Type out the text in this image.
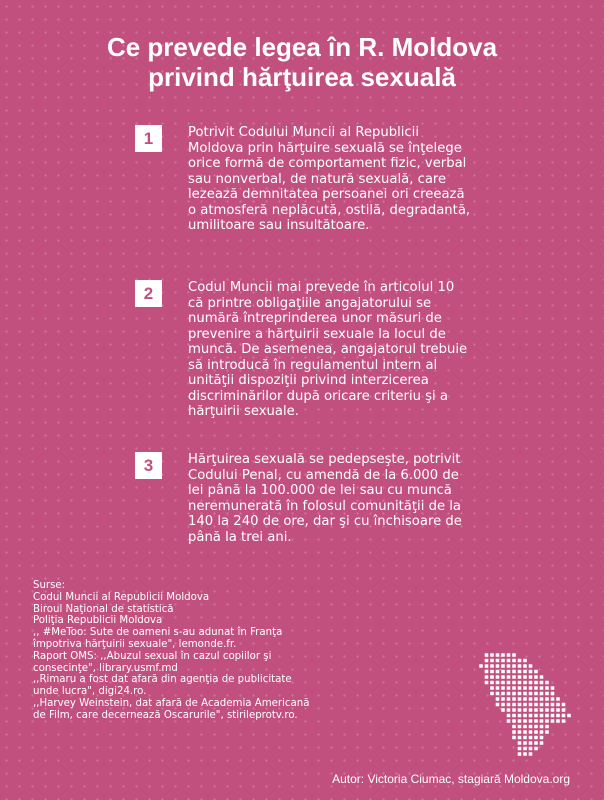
Ce prevede legea în R. Moldova
privind hărţuirea sexuală
1	Potrivit Codului Muncii al Republicii Moldova prin hărţuire sexuală se înţelege orice formă de comportament fizic, verbal sau nonverbal, de natură sexuală, care lezează demnitatea persoanei ori creează o atmosferă neplăcută, ostilă, degradantă, umilitoare sau insultătoare.

2	Codul Muncii mai prevede în articolul 10 că printre obligaţiile angajatorului se numără întreprinderea unor măsuri de prevenire a hărţuirii sexuale la locul de muncă. De asemenea, angajatorul trebuie să introducă în regulamentul intern al unităţii dispoziţii privind interzicerea discriminărilor după oricare criteriu şi a hărţuirii sexuale.

3	Hărţuirea sexuală se pedepseşte, potrivit Codului Penal, cu amendă de la 6.000 de lei până la 100.000 de lei sau cu muncă neremunerată în folosul comunităţii de la 140 la 240 de ore, dar şi cu închisoare de până la trei ani.

Surse:
Codul Muncii al Republicii Moldova
Biroul Naţional de statistică
Poliţia Republicii Moldova
,, #MeToo: Sute de oameni s-au adunat în Franţa
împotriva hărţuirii sexuale", lemonde.fr.
Raport OMS: ,,Abuzul sexual în cazul copiilor şi
consecinţe", library.usmf.md
,,Rimaru a fost dat afară din agenţia de publicitate
unde lucra", digi24.ro.
,,Harvey Weinstein, dat afară de Academia Americană
de Film, care decernează Oscarurile", stirileprotv.ro.
Autor: Victoria Ciumac, stagiară Moldova.org
